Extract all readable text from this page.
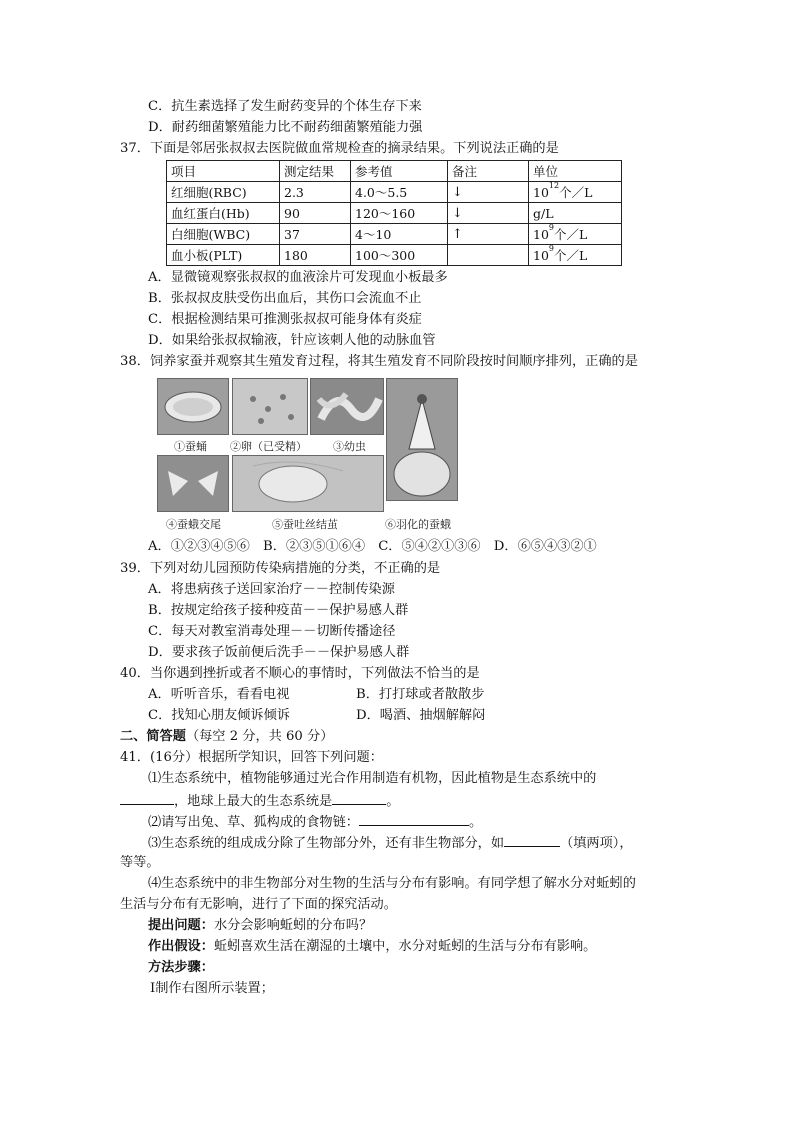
C．抗生素选择了发生耐药变异的个体生存下来
D．耐药细菌繁殖能力比不耐药细菌繁殖能力强
37．下面是邻居张叔叔去医院做血常规检查的摘录结果。下列说法正确的是
项目	测定结果	参考值	备注	单位
红细胞(RBC)	2.3	4.0～5.5	↓	$10^{12}$个／L
血红蛋白(Hb)	90	120～160	↓	g/L
白细胞(WBC)	37	4～10	↑	$10^9$个／L
血小板(PLT)	180	100～300		$10^9$个／L
A．显微镜观察张叔叔的血液涂片可发现血小板最多
B．张叔叔皮肤受伤出血后，其伤口会流血不止
C．根据检测结果可推测张叔叔可能身体有炎症
D．如果给张叔叔输液，针应该刺人他的动脉血管
38．饲养家蚕并观察其生殖发育过程，将其生殖发育不同阶段按时间顺序排列，正确的是
①蚕蛹 ②卵（已受精） ③幼虫
④蚕蛾交尾	⑤蚕吐丝结茧	⑥羽化的蚕蛾
A．①②③④⑤⑥　B．②③⑤①⑥④　C．⑤④②①③⑥　D．⑥⑤④③②①
39．下列对幼儿园预防传染病措施的分类，不正确的是
A．将患病孩子送回家治疗－－控制传染源
B．按规定给孩子接种疫苗－－保护易感人群
C．每天对教室消毒处理－－切断传播途径
D．要求孩子饭前便后洗手－－保护易感人群
40．当你遇到挫折或者不顺心的事情时，下列做法不恰当的是
A．听听音乐，看看电视	B．打打球或者散散步
C．找知心朋友倾诉倾诉	D．喝酒、抽烟解解闷
二、简答题（每空 2 分，共 60 分）
41．(16分）根据所学知识，回答下列问题：
⑴生态系统中，植物能够通过光合作用制造有机物，因此植物是生态系统中的
，地球上最大的生态系统是	。
⑵请写出兔、草、狐构成的食物链：	。
⑶生态系统的组成成分除了生物部分外，还有非生物部分，如	（填两项），
等等。
⑷生态系统中的非生物部分对生物的生活与分布有影响。有同学想了解水分对蚯蚓的
生活与分布有无影响，进行了下面的探究活动。
提出问题：水分会影响蚯蚓的分布吗？
作出假设：蚯蚓喜欢生活在潮湿的土壤中，水分对蚯蚓的生活与分布有影响。
方法步骤：
Ⅰ制作右图所示装置；
